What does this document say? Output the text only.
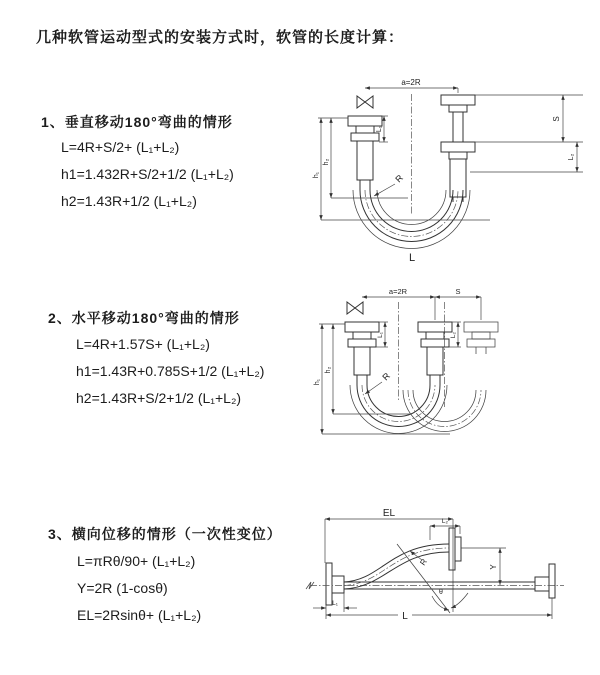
几种软管运动型式的安装方式时，软管的长度计算：
1、垂直移动180°弯曲的情形
L=4R+S/2+ (L₁+L₂)
h1=1.432R+S/2+1/2 (L₁+L₂)
h2=1.43R+1/2 (L₁+L₂)
2、水平移动180°弯曲的情形
L=4R+1.57S+ (L₁+L₂)
h1=1.43R+0.785S+1/2 (L₁+L₂)
h2=1.43R+S/2+1/2 (L₁+L₂)
3、横向位移的情形（一次性变位）
L=πRθ/90+ (L₁+L₂)
Y=2R (1-cosθ)
EL=2Rsinθ+ (L₁+L₂)
a=2R
L₁
h₂
h₁
S
L₂
R
L
a=2R	S
h₂
h₁
L₁	L₂
R
EL
L₂
Y
θ
R
L
L₁
